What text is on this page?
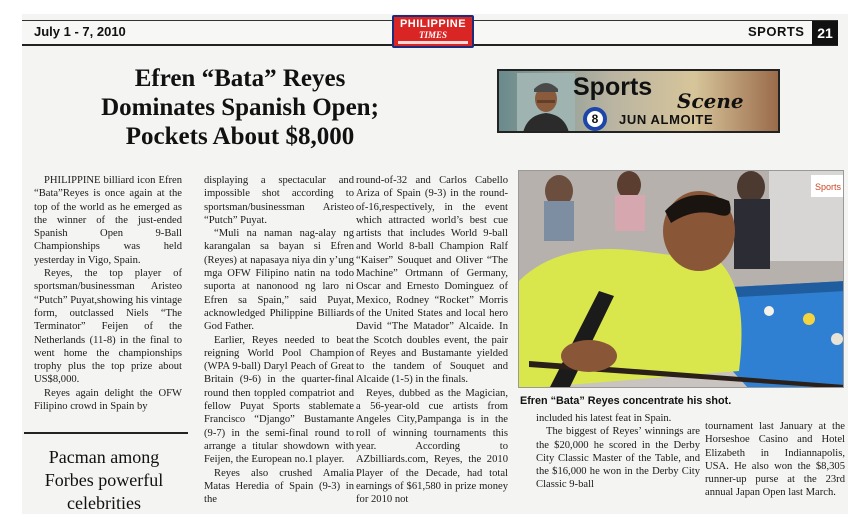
July 1 - 7, 2010	PHILIPPINE
TIMES	SPORTS 21
Efren “Bata” Reyes
Dominates Spanish Open;
Pockets About $8,000
Sports Scene
8	JUN ALMOITE

PHILIPPINE billiard icon Efren “Bata”Reyes is once again at the top of the world as he emerged as the winner of the just-ended Spanish Open 9-Ball Championships was held yesterday in Vigo, Spain.

Reyes, the top player of sportsman/businessman Aristeo “Putch” Puyat,showing his vintage form, outclassed Niels “The Terminator” Feijen of the Netherlands (11-8) in the final to went home the championships trophy plus the top prize about US$8,000.

Reyes again delight the OFW Filipino crowd in Spain by

displaying a spectacular and impossible shot according to sportsman/businessman Aristeo “Putch” Puyat.

“Muli na naman nag-alay ng karangalan sa bayan si Efren (Reyes) at napasaya niya din y’ung mga OFW Filipino natin na todo suporta at nanonood ng laro ni Efren sa Spain,” said Puyat, acknowledged Philippine Billiards God Father.

Earlier, Reyes needed to beat reigning World Pool Champion (WPA 9-ball) Daryl Peach of Great Britain (9-6) in the quarter-final round then toppled compatriot and fellow Puyat Sports stablemate Francisco “Django” Bustamante (9-7) in the semi-final round to arrange a titular showdown with Feijen, the European no.1 player.

Reyes also crushed Amalia Matas Heredia of Spain (9-3) in the

round-of-32 and Carlos Cabello Ariza of Spain (9-3) in the round-of-16,respectively, in the event which attracted world’s best cue artists that includes World 9-ball and World 8-ball Champion Ralf “Kaiser” Souquet and Oliver “The Machine” Ortmann of Germany, Oscar and Ernesto Dominguez of Mexico, Rodney “Rocket” Morris of the United States and local hero David “The Matador” Alcaide. In the Scotch doubles event, the pair of Reyes and Bustamante yielded to the tandem of Souquet and Alcaide (1-5) in the finals.

Reyes, dubbed as the Magician, a 56-year-old cue artists from Angeles City,Pampanga is in the roll of winning tournaments this year. According to AZbilliards.com, Reyes, the 2010 Player of the Decade, had total earnings of $61,580 in prize money for 2010 not

included his latest feat in Spain.

The biggest of Reyes’ winnings are the $20,000 he scored in the Derby City Classic Master of the Table, and the $16,000 he won in the Derby City Classic 9-ball

tournament last January at the Horseshoe Casino and Hotel Elizabeth in Indiannapolis, USA. He also won the $8,305 runner-up purse at the 23rd annual Japan Open last March.

Pacman among
Forbes powerful
celebrities
Sports
Efren “Bata” Reyes concentrate his shot.
